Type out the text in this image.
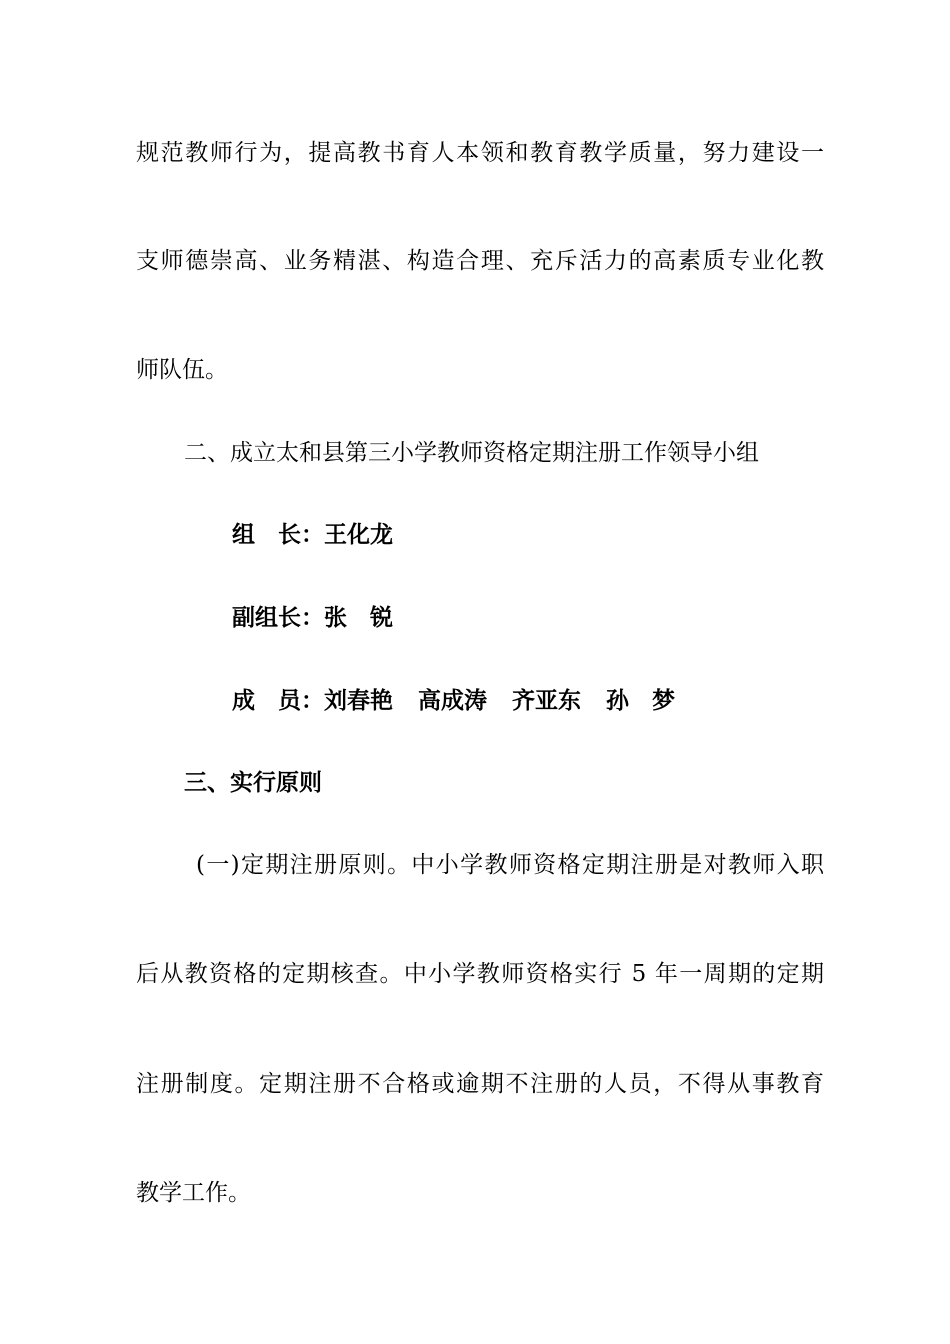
规范教师行为，提高教书育人本领和教育教学质量，努力建设一
支师德崇高、业务精湛、构造合理、充斥活力的高素质专业化教
师队伍。
二、成立太和县第三小学教师资格定期注册工作领导小组
组　长：王化龙
副组长：张　锐
成　员：刘春艳 高成涛 齐亚东 孙　梦
三、实行原则
(一)定期注册原则。中小学教师资格定期注册是对教师入职
后从教资格的定期核查。中小学教师资格实行 5 年一周期的定期
注册制度。定期注册不合格或逾期不注册的人员，不得从事教育
教学工作。
